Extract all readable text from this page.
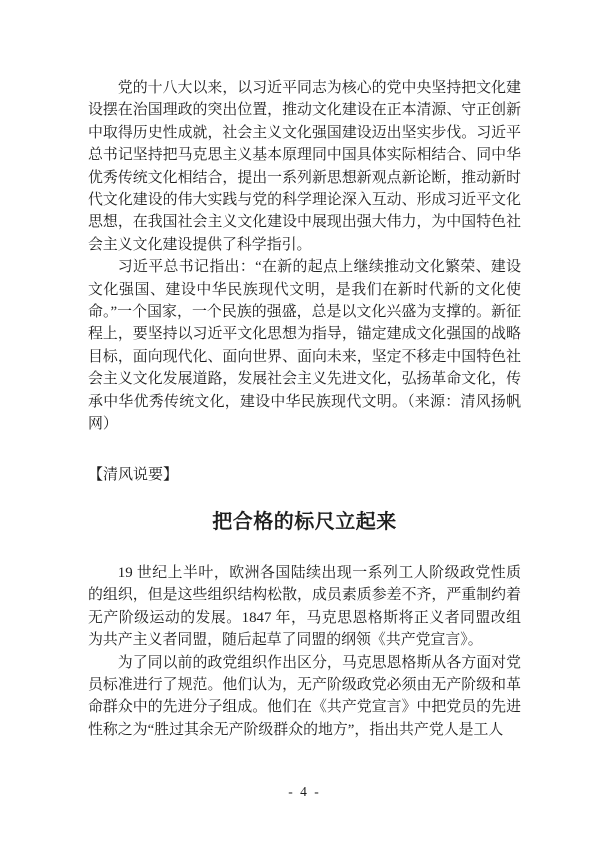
党的十八大以来，以习近平同志为核心的党中央坚持把文化建设摆在治国理政的突出位置，推动文化建设在正本清源、守正创新中取得历史性成就，社会主义文化强国建设迈出坚实步伐。习近平总书记坚持把马克思主义基本原理同中国具体实际相结合、同中华优秀传统文化相结合，提出一系列新思想新观点新论断，推动新时代文化建设的伟大实践与党的科学理论深入互动、形成习近平文化思想，在我国社会主义文化建设中展现出强大伟力，为中国特色社会主义文化建设提供了科学指引。

习近平总书记指出：“在新的起点上继续推动文化繁荣、建设文化强国、建设中华民族现代文明，是我们在新时代新的文化使命。”一个国家，一个民族的强盛，总是以文化兴盛为支撑的。新征程上，要坚持以习近平文化思想为指导，锚定建成文化强国的战略目标，面向现代化、面向世界、面向未来，坚定不移走中国特色社会主义文化发展道路，发展社会主义先进文化，弘扬革命文化，传承中华优秀传统文化，建设中华民族现代文明。（来源：清风扬帆网）

【清风说要】

把合格的标尺立起来

19 世纪上半叶，欧洲各国陆续出现一系列工人阶级政党性质的组织，但是这些组织结构松散，成员素质参差不齐，严重制约着无产阶级运动的发展。1847 年，马克思恩格斯将正义者同盟改组为共产主义者同盟，随后起草了同盟的纲领《共产党宣言》。

为了同以前的政党组织作出区分，马克思恩格斯从各方面对党员标准进行了规范。他们认为，无产阶级政党必须由无产阶级和革命群众中的先进分子组成。他们在《共产党宣言》中把党员的先进性称之为“胜过其余无产阶级群众的地方”，指出共产党人是工人

- 4 -
